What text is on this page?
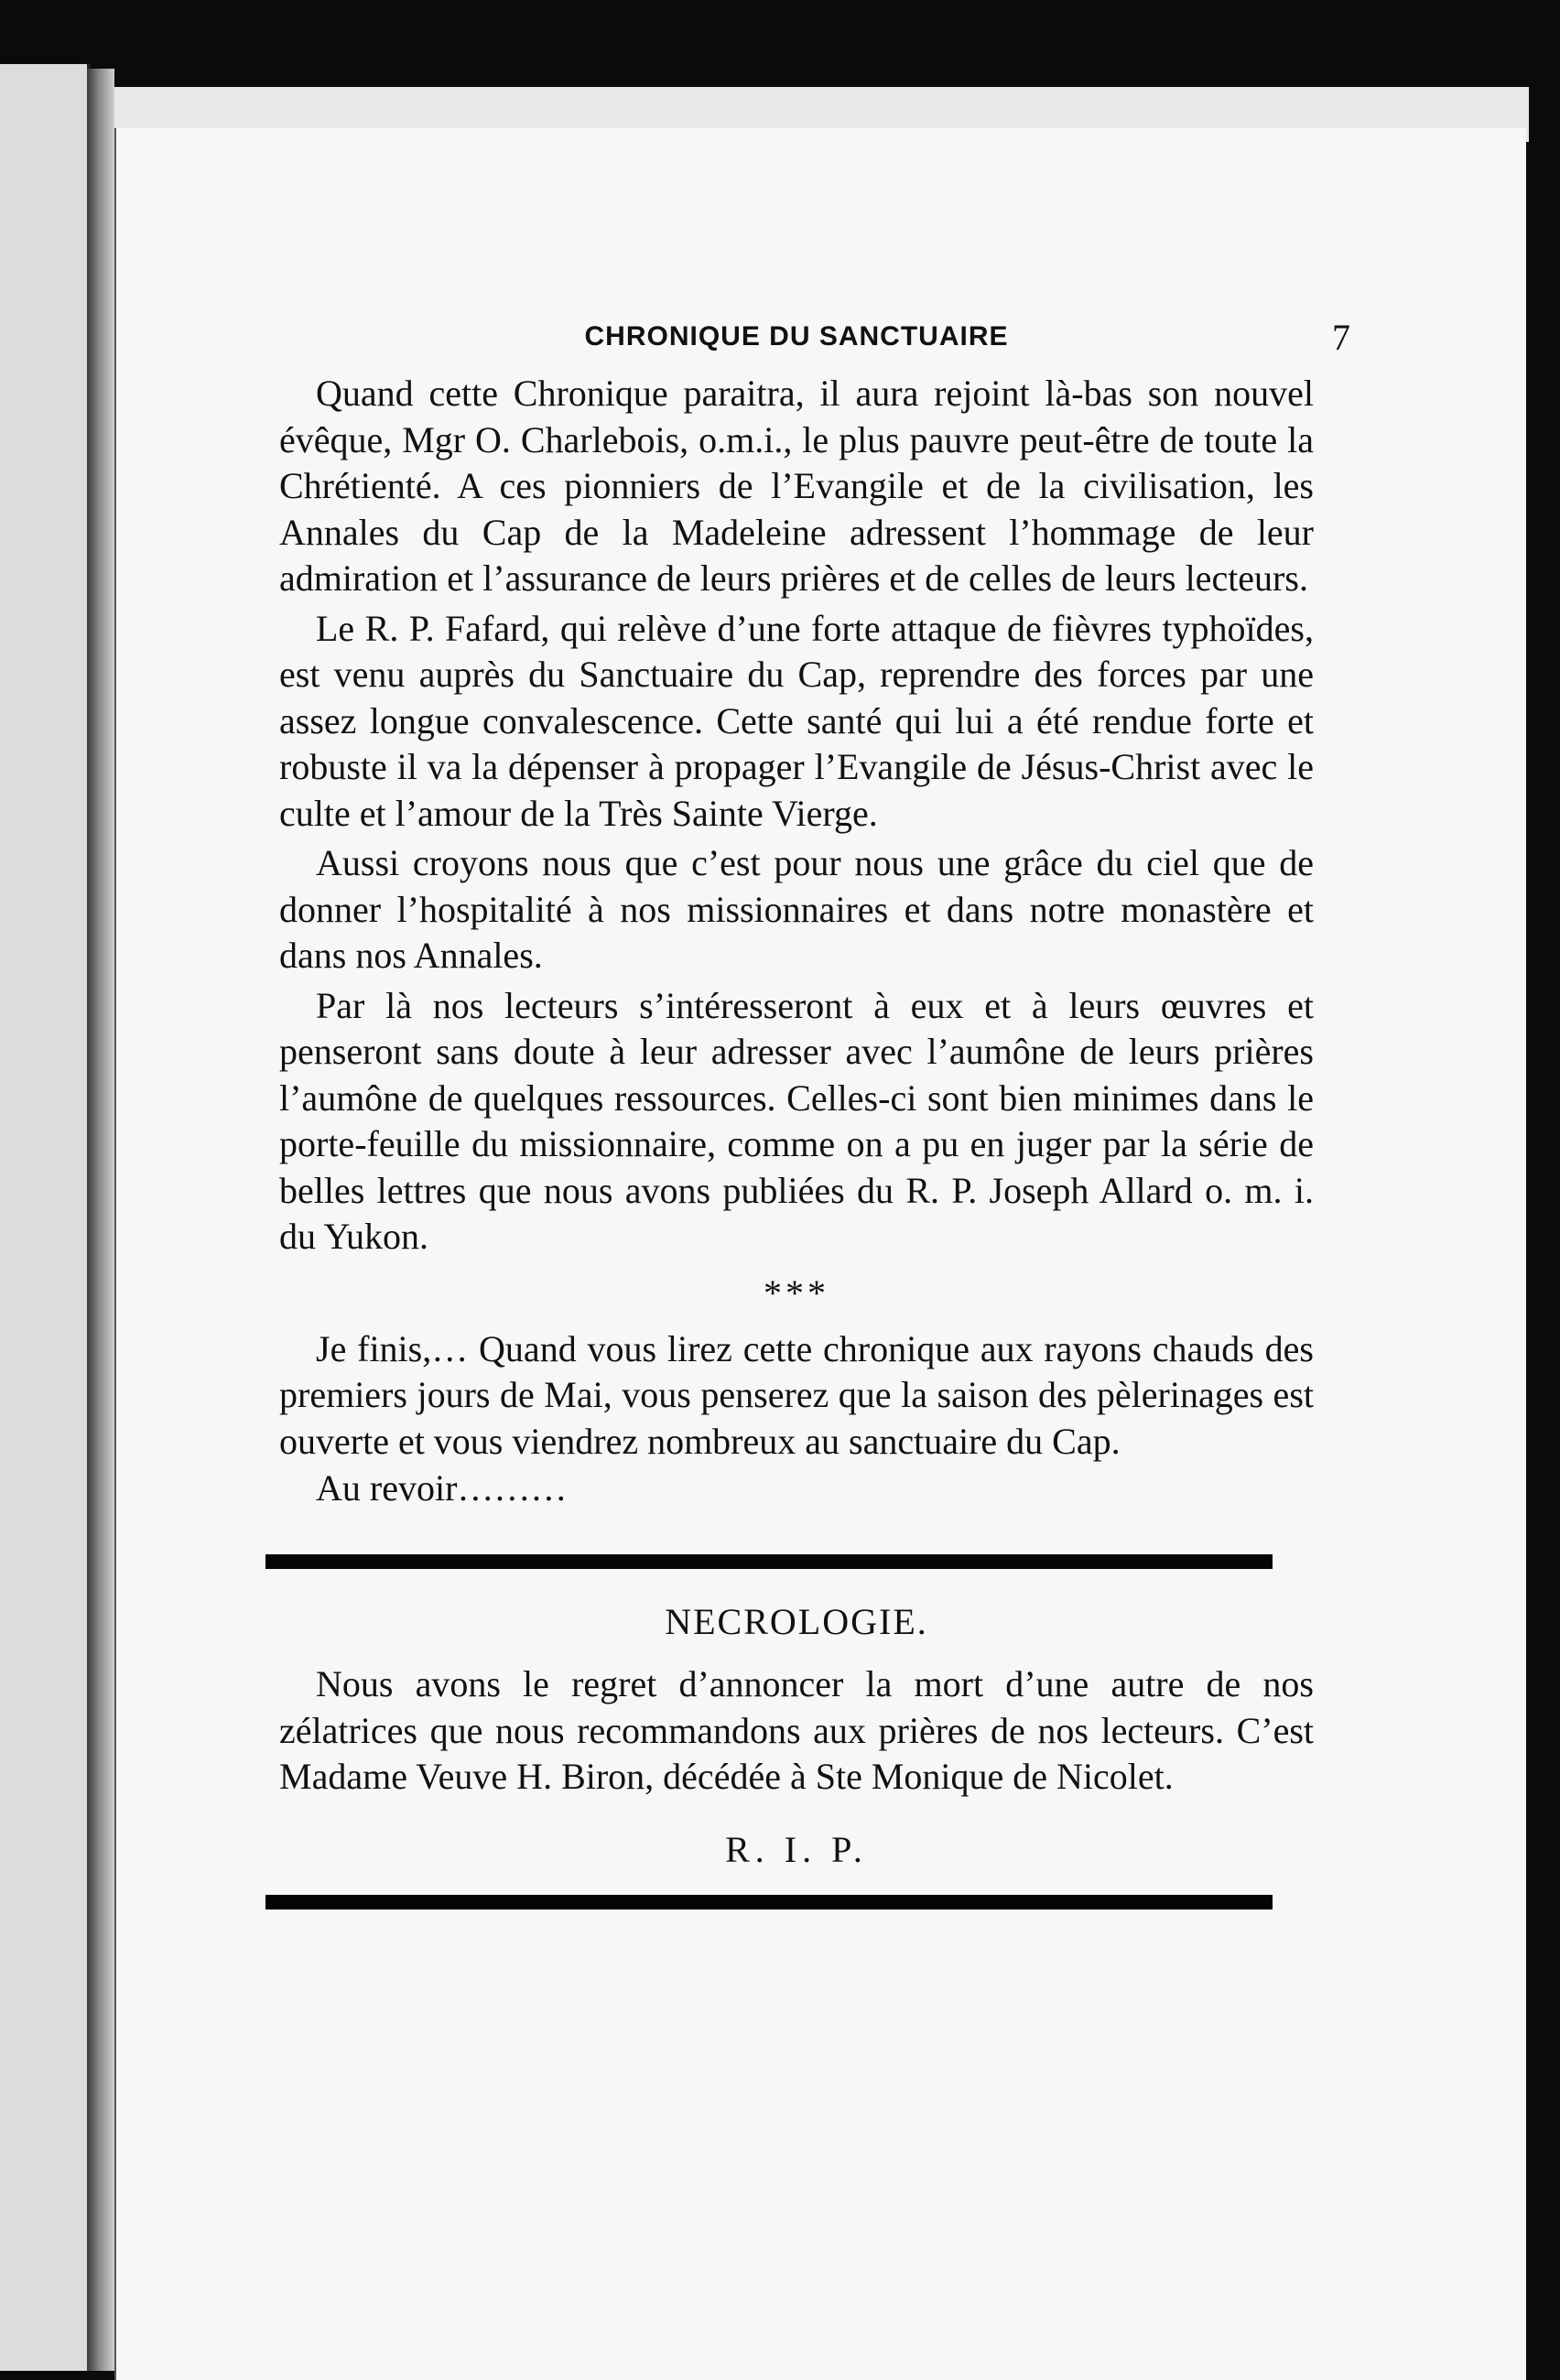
CHRONIQUE DU SANCTUAIRE	7

Quand cette Chronique paraitra, il aura rejoint là-bas son nouvel évêque, Mgr O. Charlebois, o.m.i., le plus pauvre peut-être de toute la Chrétienté. A ces pionniers de l’Evangile et de la civilisation, les Annales du Cap de la Madeleine adressent l’hommage de leur admiration et l’assurance de leurs prières et de celles de leurs lecteurs.

Le R. P. Fafard, qui relève d’une forte attaque de fièvres typhoïdes, est venu auprès du Sanctuaire du Cap, reprendre des forces par une assez longue convalescence. Cette santé qui lui a été rendue forte et robuste il va la dépenser à propager l’Evangile de Jésus-Christ avec le culte et l’amour de la Très Sainte Vierge.

Aussi croyons nous que c’est pour nous une grâce du ciel que de donner l’hospitalité à nos missionnaires et dans notre monastère et dans nos Annales.

Par là nos lecteurs s’intéresseront à eux et à leurs œuvres et penseront sans doute à leur adresser avec l’aumône de leurs prières l’aumône de quelques ressources. Celles-ci sont bien minimes dans le porte-feuille du missionnaire, comme on a pu en juger par la série de belles lettres que nous avons publiées du R. P. Joseph Allard o. m. i. du Yukon.

***

Je finis,… Quand vous lirez cette chronique aux rayons chauds des premiers jours de Mai, vous penserez que la saison des pèlerinages est ouverte et vous viendrez nombreux au sanctuaire du Cap.

Au revoir………

NECROLOGIE.

Nous avons le regret d’annoncer la mort d’une autre de nos zélatrices que nous recommandons aux prières de nos lecteurs. C’est Madame Veuve H. Biron, décédée à Ste Monique de Nicolet.

R. I. P.
